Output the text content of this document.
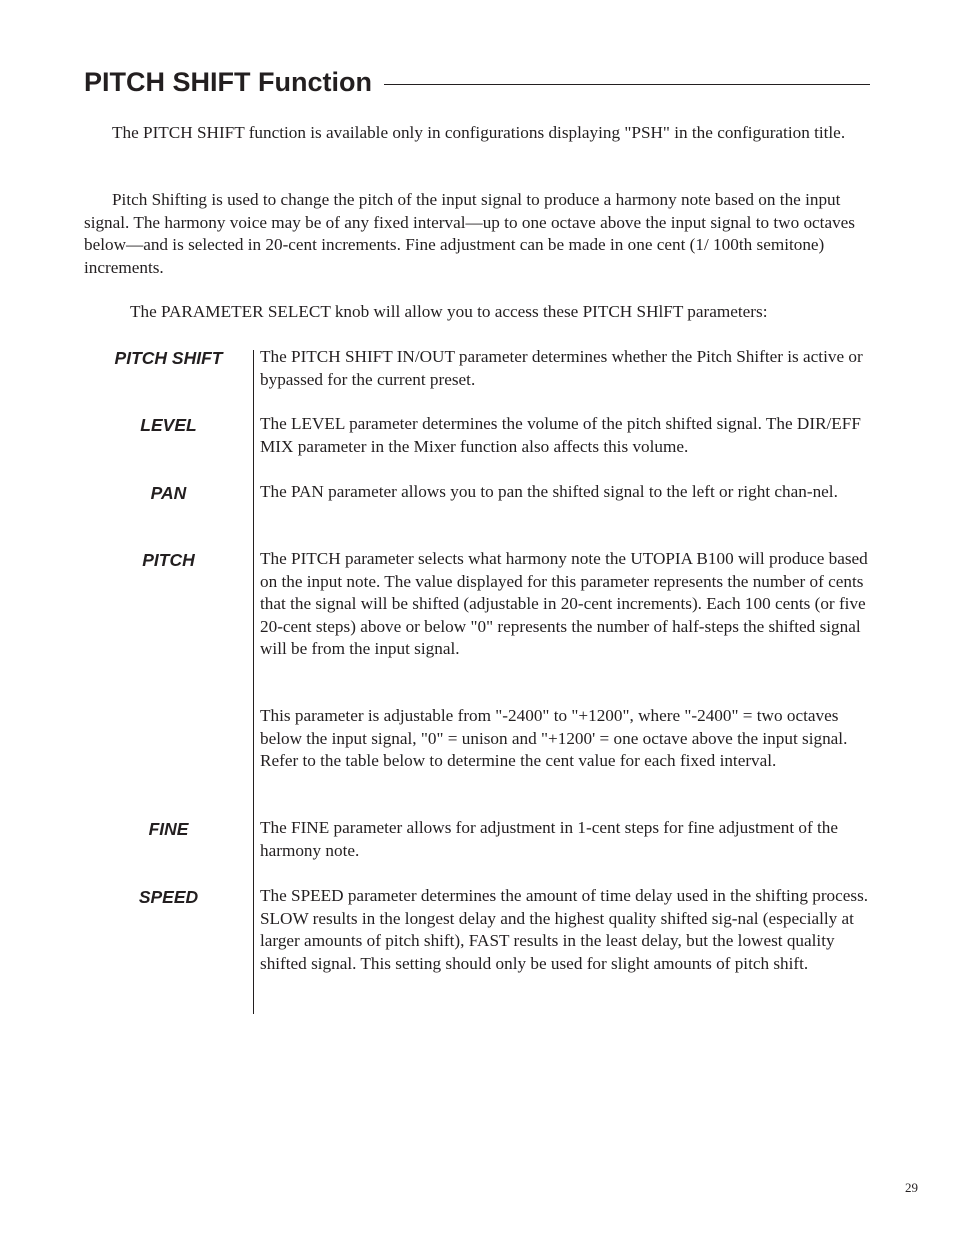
PITCH SHIFT Function

The PITCH SHIFT function is available only in configurations displaying "PSH" in the configuration title.

Pitch Shifting is used to change the pitch of the input signal to produce a harmony note based on the input signal. The harmony voice may be of any fixed interval—up to one octave above the input signal to two octaves below—and is selected in 20-cent increments. Fine adjustment can be made in one cent (1/ 100th semitone) increments.

The PARAMETER SELECT knob will allow you to access these PITCH SHlFT parameters:

PITCH SHIFT	The PITCH SHIFT IN/OUT parameter determines whether the Pitch Shifter is active or bypassed for the current preset.

LEVEL	The LEVEL parameter determines the volume of the pitch shifted signal. The DIR/EFF MIX parameter in the Mixer function also affects this volume.

PAN	The PAN parameter allows you to pan the shifted signal to the left or right chan-nel.

PITCH	The PITCH parameter selects what harmony note the UTOPIA B100 will produce based on the input note. The value displayed for this parameter represents the number of cents that the signal will be shifted (adjustable in 20-cent increments). Each 100 cents (or five 20-cent steps) above or below "0" represents the number of half-steps the shifted signal will be from the input signal.

This parameter is adjustable from "-2400" to "+1200", where "-2400" = two octaves below the input signal, "0" = unison and "+1200' = one octave above the input signal. Refer to the table below to determine the cent value for each fixed interval.

FINE	The FINE parameter allows for adjustment in 1-cent steps for fine adjustment of the harmony note.

SPEED	The SPEED parameter determines the amount of time delay used in the shifting process. SLOW results in the longest delay and the highest quality shifted sig-nal (especially at larger amounts of pitch shift), FAST results in the least delay, but the lowest quality shifted signal. This setting should only be used for slight amounts of pitch shift.

29
